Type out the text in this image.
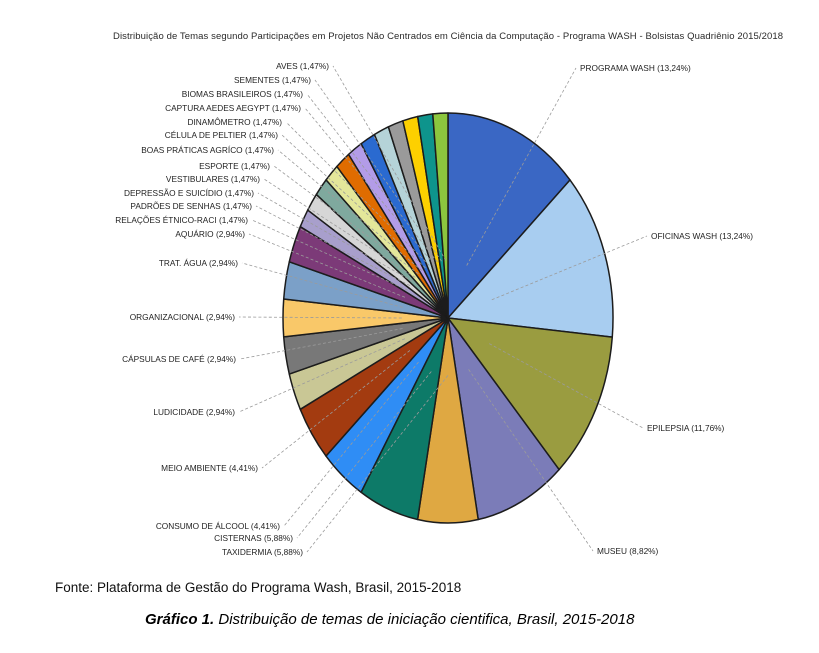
Distribuição de Temas segundo Participações em Projetos Não Centrados em Ciência da Computação - Programa WASH - Bolsistas Quadriênio 2015/2018
PROGRAMA WASH (13,24%)
OFICINAS WASH (13,24%)
EPILEPSIA (11,76%)
MUSEU (8,82%)
TAXIDERMIA (5,88%)
CISTERNAS (5,88%)
CONSUMO DE ÁLCOOL (4,41%)
MEIO AMBIENTE (4,41%)
LUDICIDADE (2,94%)
CÁPSULAS DE CAFÉ (2,94%)
ORGANIZACIONAL (2,94%)
TRAT. ÁGUA (2,94%)
AQUÁRIO (2,94%)
RELAÇÕES ÉTNICO-RACI (1,47%)
PADRÕES DE SENHAS (1,47%)
DEPRESSÃO E SUICÍDIO (1,47%)
VESTIBULARES (1,47%)
ESPORTE (1,47%)
BOAS PRÁTICAS AGRÍCO (1,47%)
CÉLULA DE PELTIER (1,47%)
DINAMÔMETRO (1,47%)
CAPTURA AEDES AEGYPT (1,47%)
BIOMAS BRASILEIROS (1,47%)
SEMENTES (1,47%)
AVES (1,47%)
Fonte: Plataforma de Gestão do Programa Wash, Brasil, 2015-2018
Gráfico 1. Distribuição de temas de iniciação cientifica, Brasil, 2015-2018
